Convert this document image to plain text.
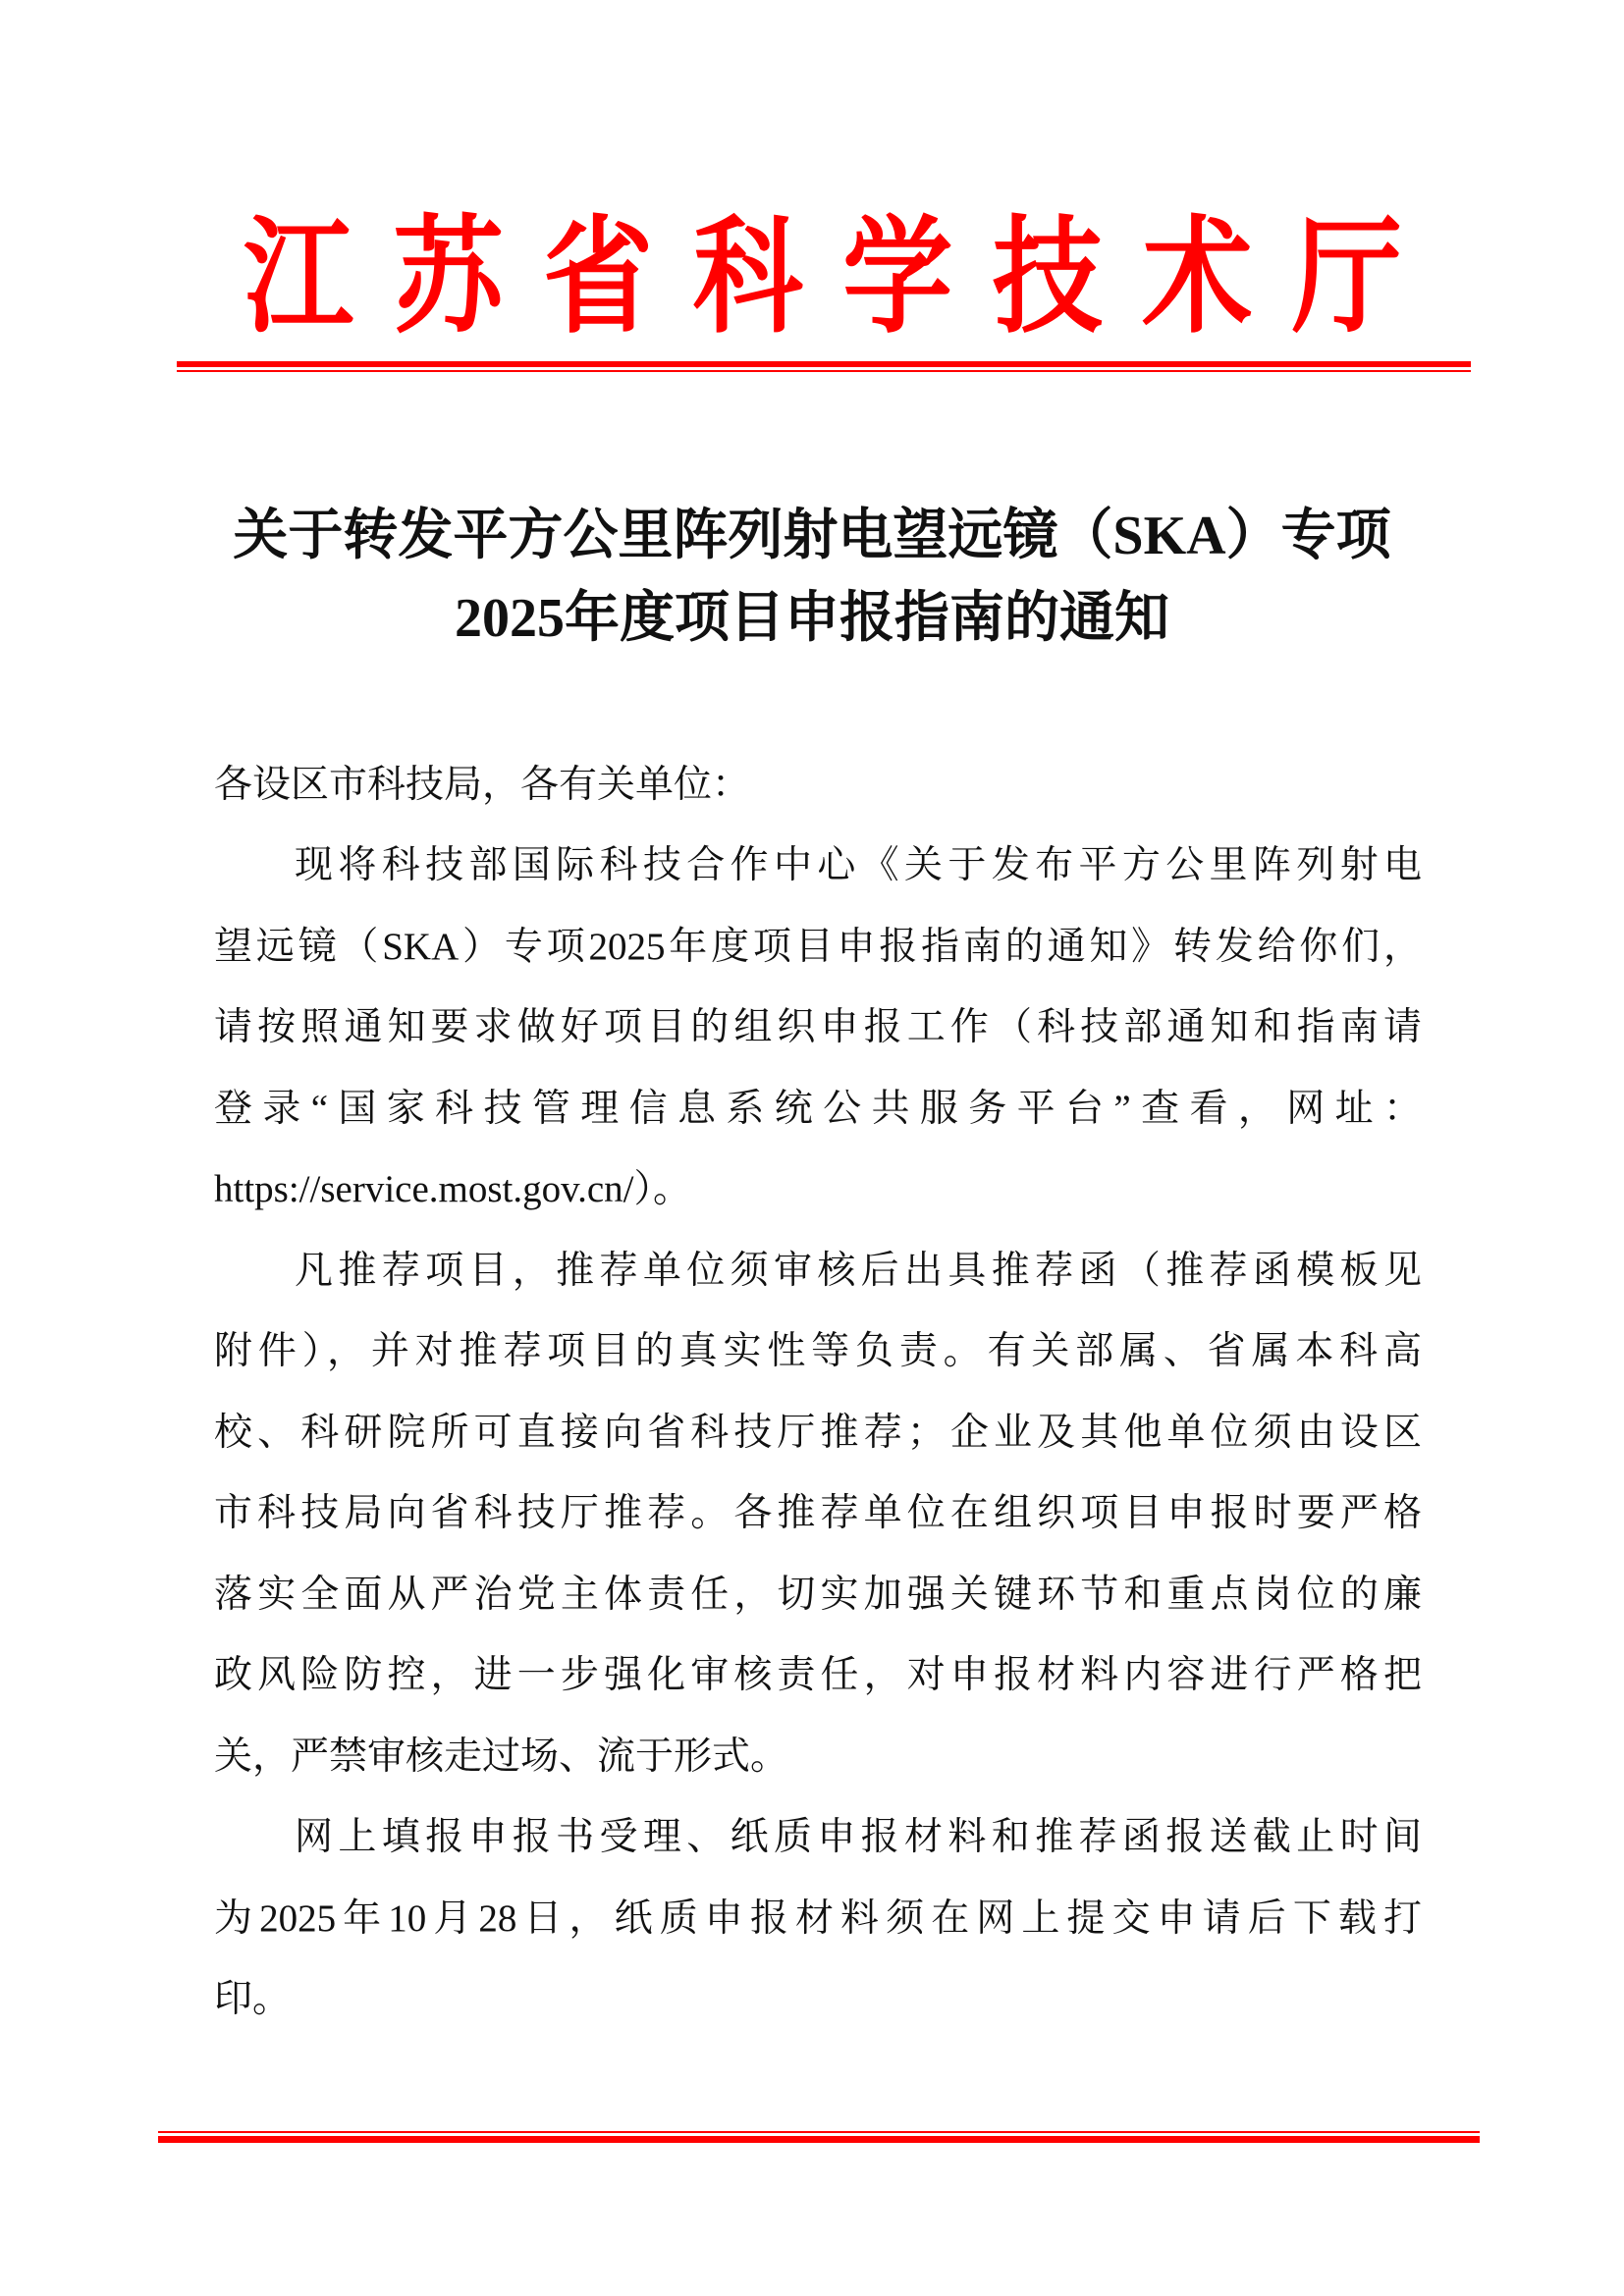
江 苏 省 科 学 技 术 厅
关于转发平方公里阵列射电望远镜（SKA）专项
2025年度项目申报指南的通知
各设区市科技局，各有关单位：
现将科技部国际科技合作中心《关于发布平方公里阵列射电
望远镜（SKA）专项2025年度项目申报指南的通知》转发给你们，
请按照通知要求做好项目的组织申报工作（科技部通知和指南请
登录“国家科技管理信息系统公共服务平台”查看，网址：
https://service.most.gov.cn/）。
凡推荐项目，推荐单位须审核后出具推荐函（推荐函模板见
附件），并对推荐项目的真实性等负责。有关部属、省属本科高
校、科研院所可直接向省科技厅推荐；企业及其他单位须由设区
市科技局向省科技厅推荐。各推荐单位在组织项目申报时要严格
落实全面从严治党主体责任，切实加强关键环节和重点岗位的廉
政风险防控，进一步强化审核责任，对申报材料内容进行严格把
关，严禁审核走过场、流于形式。
网上填报申报书受理、纸质申报材料和推荐函报送截止时间
为2025年10月28日，纸质申报材料须在网上提交申请后下载打
印。
